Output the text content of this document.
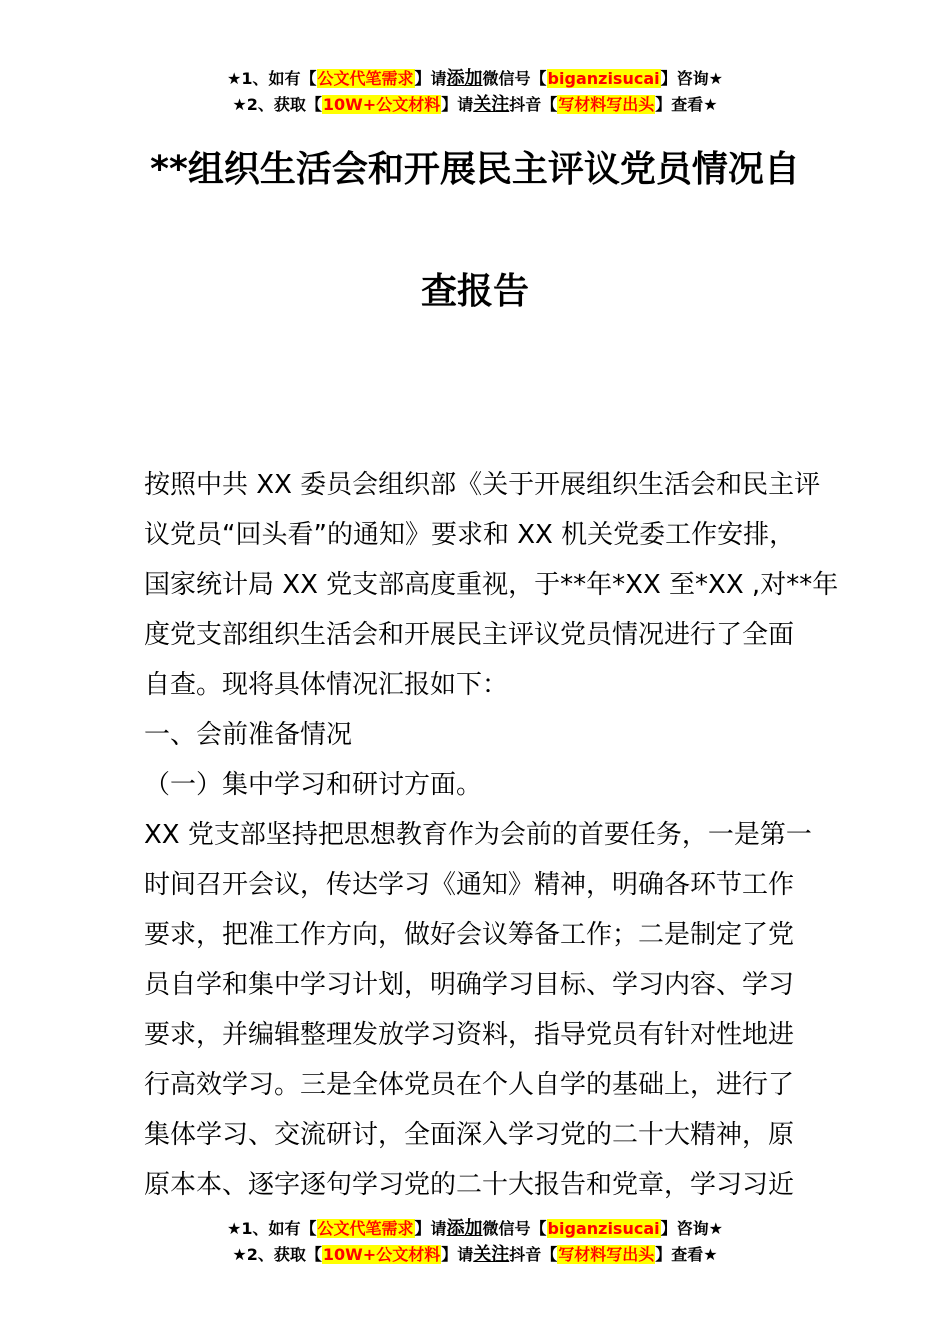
★1、如有【公文代笔需求】请添加微信号【biganzisucai】咨询★
★2、获取【10W+公文材料】请关注抖音【写材料写出头】查看★
**组织生活会和开展民主评议党员情况自
查报告
按照中共 XX 委员会组织部《关于开展组织生活会和民主评
议党员“回头看”的通知》要求和 XX 机关党委工作安排，
国家统计局 XX 党支部高度重视，于**年*XX 至*XX ,对**年
度党支部组织生活会和开展民主评议党员情况进行了全面
自查。现将具体情况汇报如下：
一、会前准备情况
（一）集中学习和研讨方面。
XX 党支部坚持把思想教育作为会前的首要任务，一是第一
时间召开会议，传达学习《通知》精神，明确各环节工作
要求，把准工作方向，做好会议筹备工作；二是制定了党
员自学和集中学习计划，明确学习目标、学习内容、学习
要求，并编辑整理发放学习资料，指导党员有针对性地进
行高效学习。三是全体党员在个人自学的基础上，进行了
集体学习、交流研讨，全面深入学习党的二十大精神，原
原本本、逐字逐句学习党的二十大报告和党章，学习习近
★1、如有【公文代笔需求】请添加微信号【biganzisucai】咨询★
★2、获取【10W+公文材料】请关注抖音【写材料写出头】查看★
